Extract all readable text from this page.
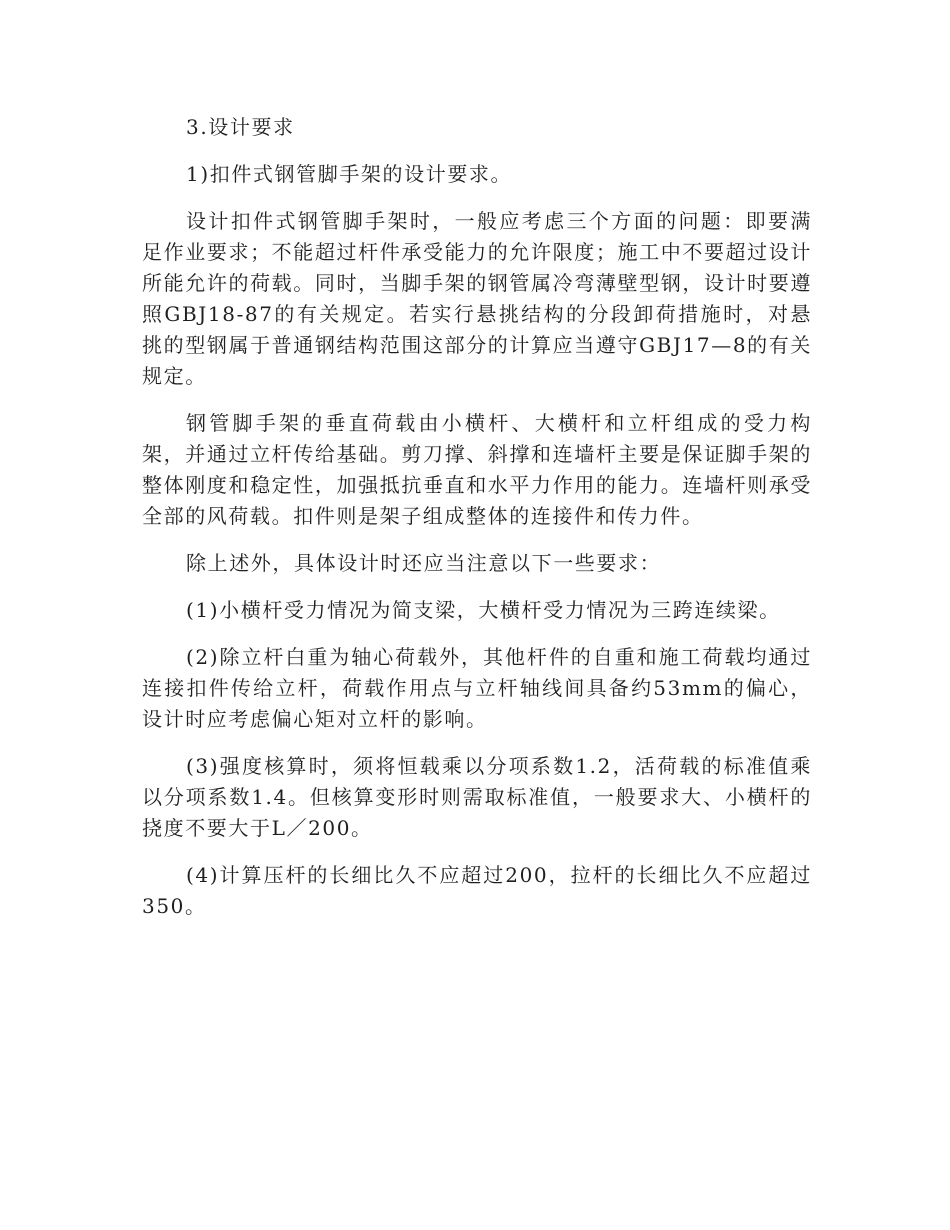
3.设计要求

1)扣件式钢管脚手架的设计要求。

设计扣件式钢管脚手架时，一般应考虑三个方面的问题：即要满足作业要求；不能超过杆件承受能力的允许限度；施工中不要超过设计所能允许的荷载。同时，当脚手架的钢管属冷弯薄壁型钢，设计时要遵照GBJ18-87的有关规定。若实行悬挑结构的分段卸荷措施时，对悬挑的型钢属于普通钢结构范围这部分的计算应当遵守GBJ17—8的有关规定。

钢管脚手架的垂直荷载由小横杆、大横杆和立杆组成的受力构架，并通过立杆传给基础。剪刀撑、斜撑和连墙杆主要是保证脚手架的整体刚度和稳定性，加强抵抗垂直和水平力作用的能力。连墙杆则承受全部的风荷载。扣件则是架子组成整体的连接件和传力件。

除上述外，具体设计时还应当注意以下一些要求：

(1)小横杆受力情况为简支梁，大横杆受力情况为三跨连续梁。

(2)除立杆白重为轴心荷载外，其他杆件的自重和施工荷载均通过连接扣件传给立杆，荷载作用点与立杆轴线间具备约53mm的偏心，设计时应考虑偏心矩对立杆的影响。

(3)强度核算时，须将恒载乘以分项系数1.2，活荷载的标准值乘以分项系数1.4。但核算变形时则需取标准值，一般要求大、小横杆的挠度不要大于L／200。

(4)计算压杆的长细比久不应超过200，拉杆的长细比久不应超过350。
